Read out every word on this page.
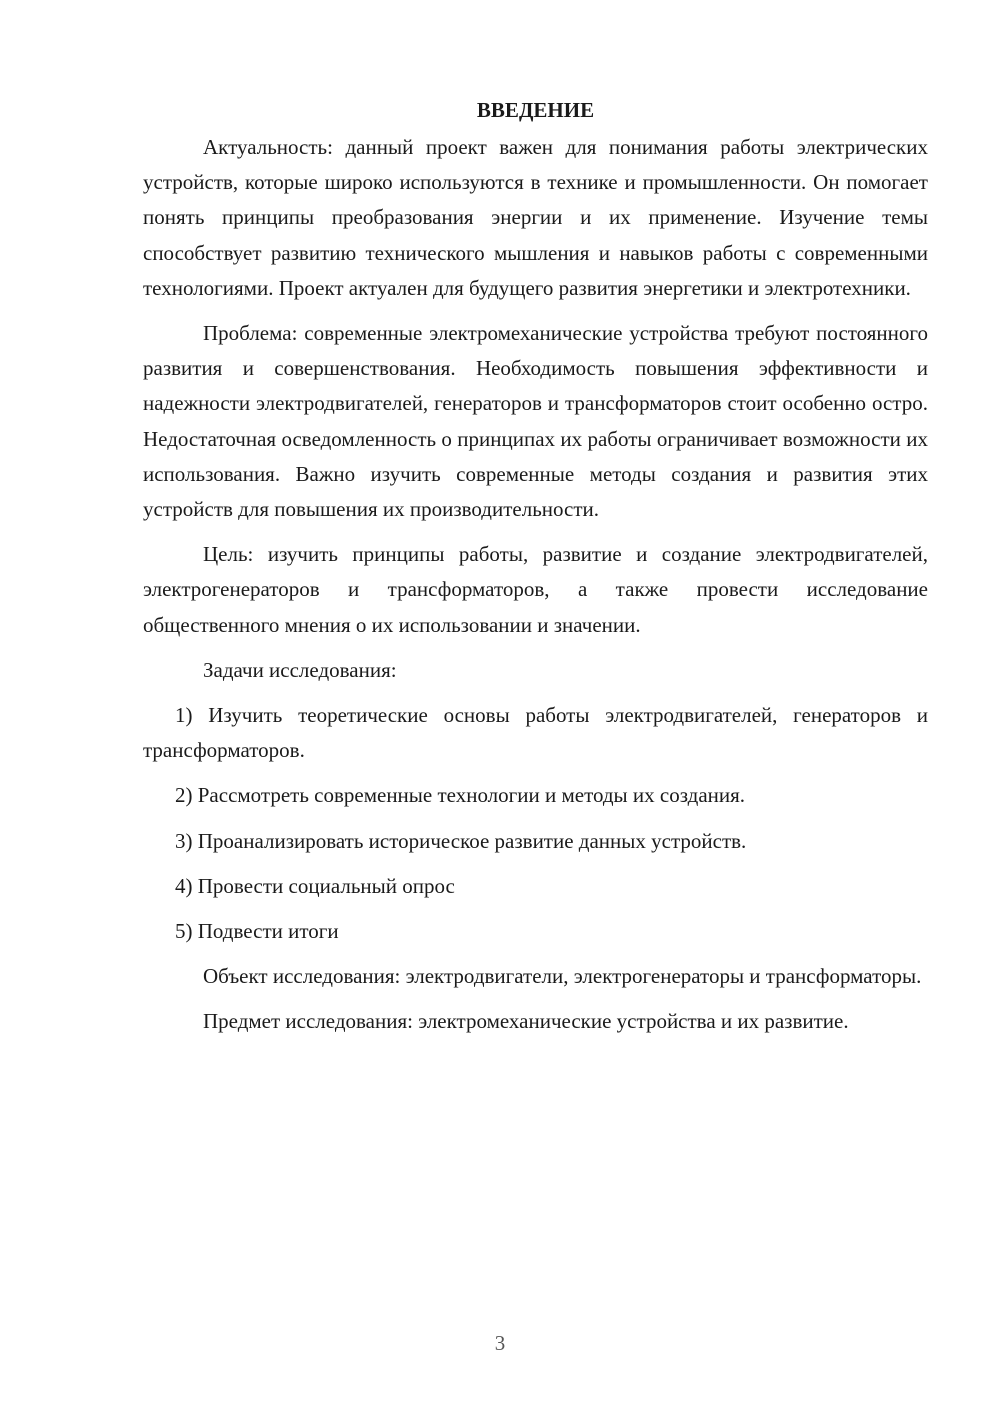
ВВЕДЕНИЕ

Актуальность: данный проект важен для понимания работы электрических устройств, которые широко используются в технике и промышленности. Он помогает понять принципы преобразования энергии и их применение. Изучение темы способствует развитию технического мышления и навыков работы с современными технологиями. Проект актуален для будущего развития энергетики и электротехники.

Проблема: современные электромеханические устройства требуют постоянного развития и совершенствования. Необходимость повышения эффективности и надежности электродвигателей, генераторов и трансформаторов стоит особенно остро. Недостаточная осведомленность о принципах их работы ограничивает возможности их использования. Важно изучить современные методы создания и развития этих устройств для повышения их производительности.

Цель: изучить принципы работы, развитие и создание электродвигателей, электрогенераторов и трансформаторов, а также провести исследование общественного мнения о их использовании и значении.

Задачи исследования:

1) Изучить теоретические основы работы электродвигателей, генераторов и трансформаторов.

2) Рассмотреть современные технологии и методы их создания.

3) Проанализировать историческое развитие данных устройств.

4) Провести социальный опрос

5) Подвести итоги

Объект исследования: электродвигатели, электрогенераторы и трансформаторы.

Предмет исследования: электромеханические устройства и их развитие.

3
